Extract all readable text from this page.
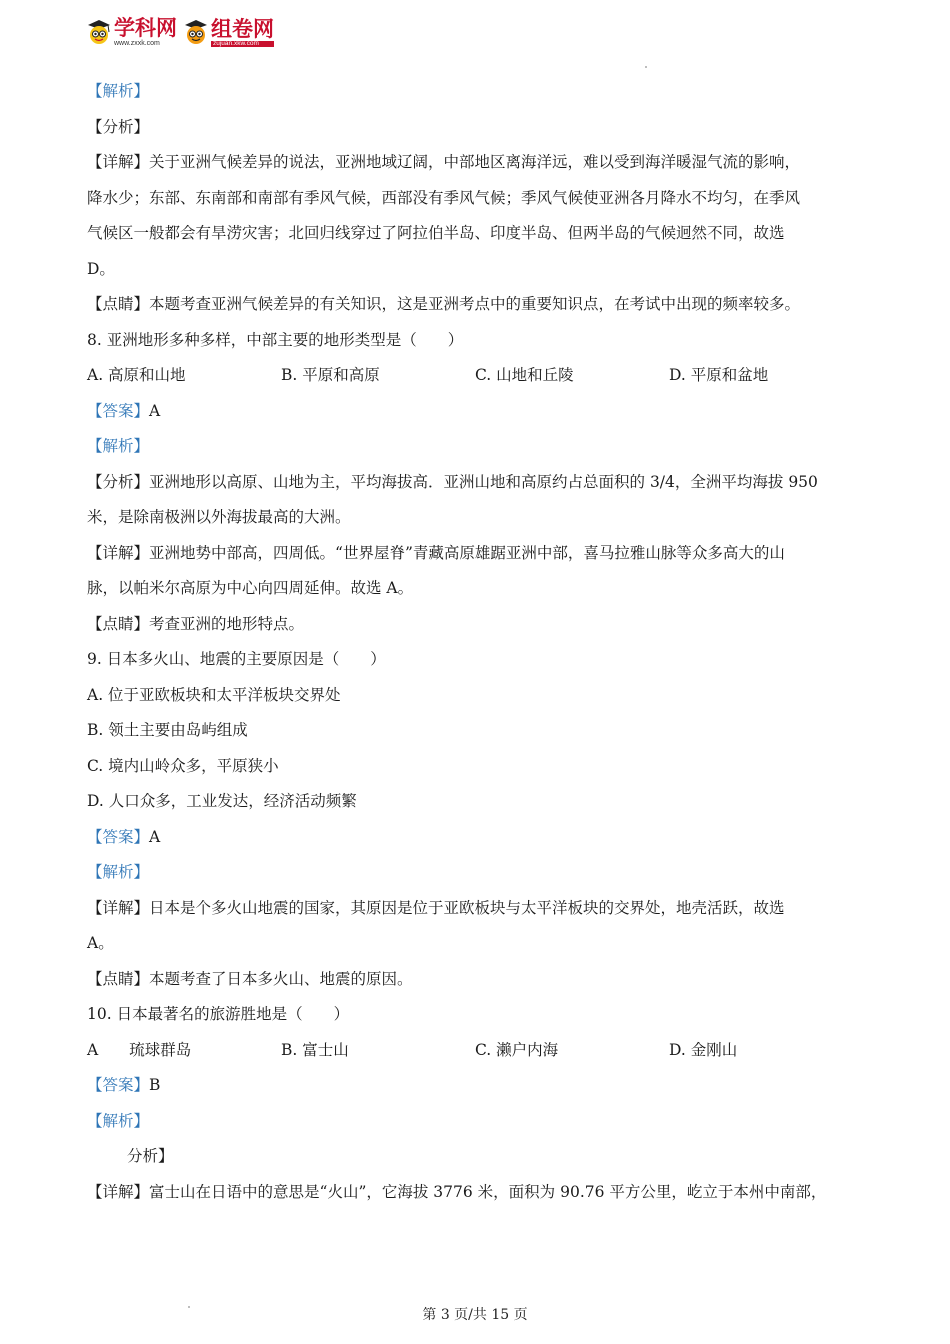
学科网
www.zxxk.com
组卷网
zujuan.xkw.com
【解析】
【分析】
【详解】关于亚洲气候差异的说法，亚洲地域辽阔，中部地区离海洋远，难以受到海洋暖湿气流的影响，
降水少；东部、东南部和南部有季风气候，西部没有季风气候；季风气候使亚洲各月降水不均匀，在季风
气候区一般都会有旱涝灾害；北回归线穿过了阿拉伯半岛、印度半岛、但两半岛的气候迥然不同，故选
D。
【点睛】本题考查亚洲气候差异的有关知识，这是亚洲考点中的重要知识点，在考试中出现的频率较多。
8. 亚洲地形多种多样，中部主要的地形类型是（　　）
A. 高原和山地	B. 平原和高原	C. 山地和丘陵	D. 平原和盆地
【答案】A
【解析】
【分析】亚洲地形以高原、山地为主，平均海拔高．亚洲山地和高原约占总面积的 3/4，全洲平均海拔 950
米，是除南极洲以外海拔最高的大洲。
【详解】亚洲地势中部高，四周低。“世界屋脊”青藏高原雄踞亚洲中部，喜马拉雅山脉等众多高大的山
脉，以帕米尔高原为中心向四周延伸。故选 A。
【点睛】考查亚洲的地形特点。
9. 日本多火山、地震的主要原因是（　　）
A. 位于亚欧板块和太平洋板块交界处
B. 领土主要由岛屿组成
C. 境内山岭众多，平原狭小
D. 人口众多，工业发达，经济活动频繁
【答案】A
【解析】
【详解】日本是个多火山地震的国家，其原因是位于亚欧板块与太平洋板块的交界处，地壳活跃，故选
A。
【点睛】本题考查了日本多火山、地震的原因。
10. 日本最著名的旅游胜地是（　　）
A　　琉球群岛	B. 富士山	C. 濑户内海	D. 金刚山
【答案】B
【解析】
分析】
【详解】富士山在日语中的意思是“火山”，它海拔 3776 米，面积为 90.76 平方公里，屹立于本州中南部，
第 3 页/共 15 页
